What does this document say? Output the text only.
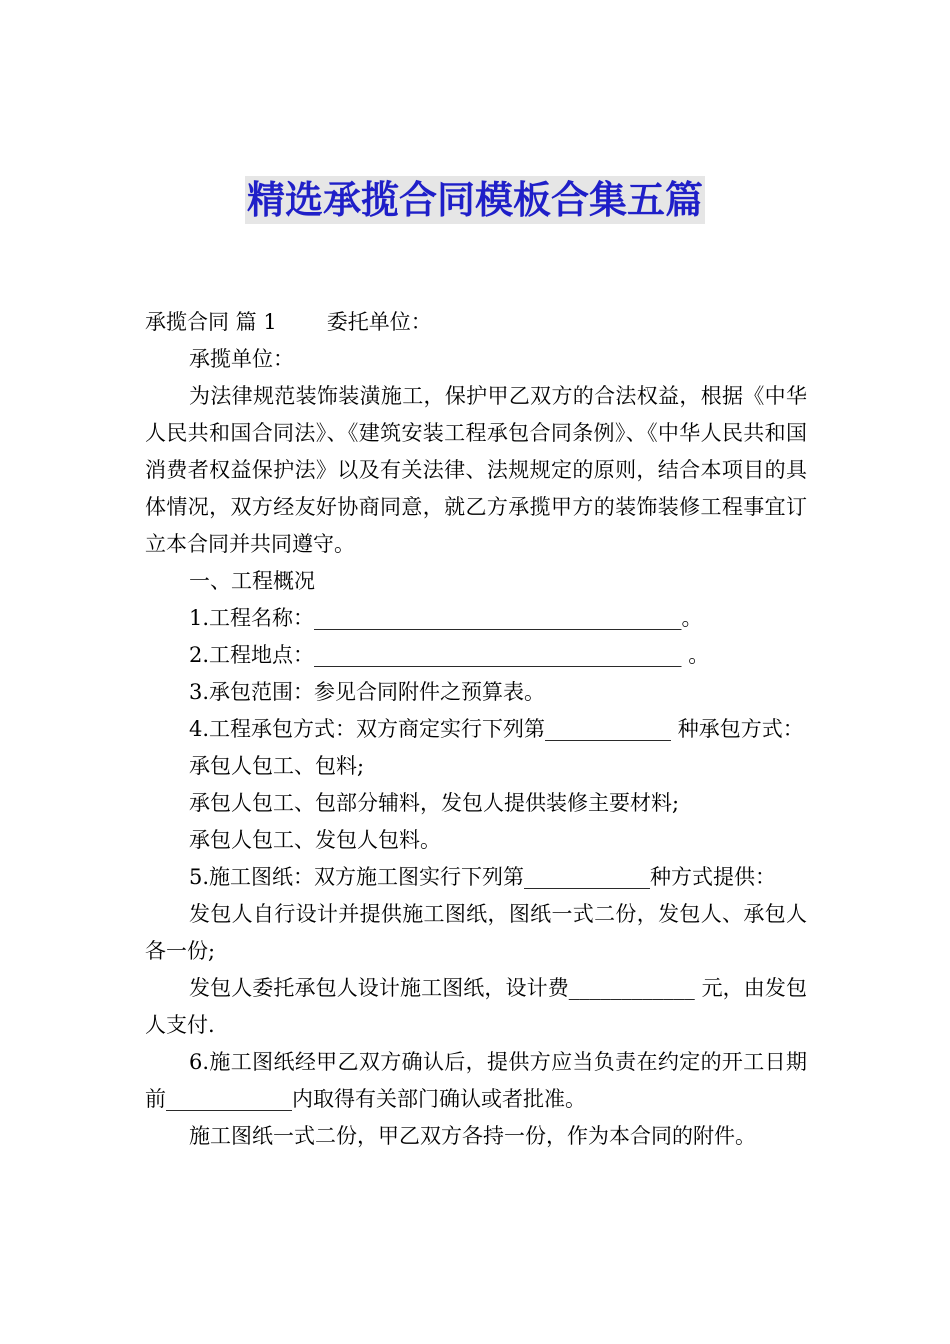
精选承揽合同模板合集五篇

承揽合同 篇 1 委托单位：

承揽单位：

为法律规范装饰装潢施工，保护甲乙双方的合法权益，根据《中华人民共和国合同法》、《建筑安装工程承包合同条例》、《中华人民共和国消费者权益保护法》以及有关法律、法规规定的原则，结合本项目的具体情况，双方经友好协商同意，就乙方承揽甲方的装饰装修工程事宜订立本合同并共同遵守。

一、工程概况

1.工程名称：___________________________________。

2.工程地点：___________________________________ 。

3.承包范围：参见合同附件之预算表。

4.工程承包方式：双方商定实行下列第____________ 种承包方式：

承包人包工、包料;

承包人包工、包部分辅料，发包人提供装修主要材料;

承包人包工、发包人包料。

5.施工图纸：双方施工图实行下列第____________种方式提供：

发包人自行设计并提供施工图纸，图纸一式二份，发包人、承包人各一份;

发包人委托承包人设计施工图纸，设计费____________ 元，由发包人支付.

6.施工图纸经甲乙双方确认后，提供方应当负责在约定的开工日期前____________内取得有关部门确认或者批准。

施工图纸一式二份，甲乙双方各持一份，作为本合同的附件。
